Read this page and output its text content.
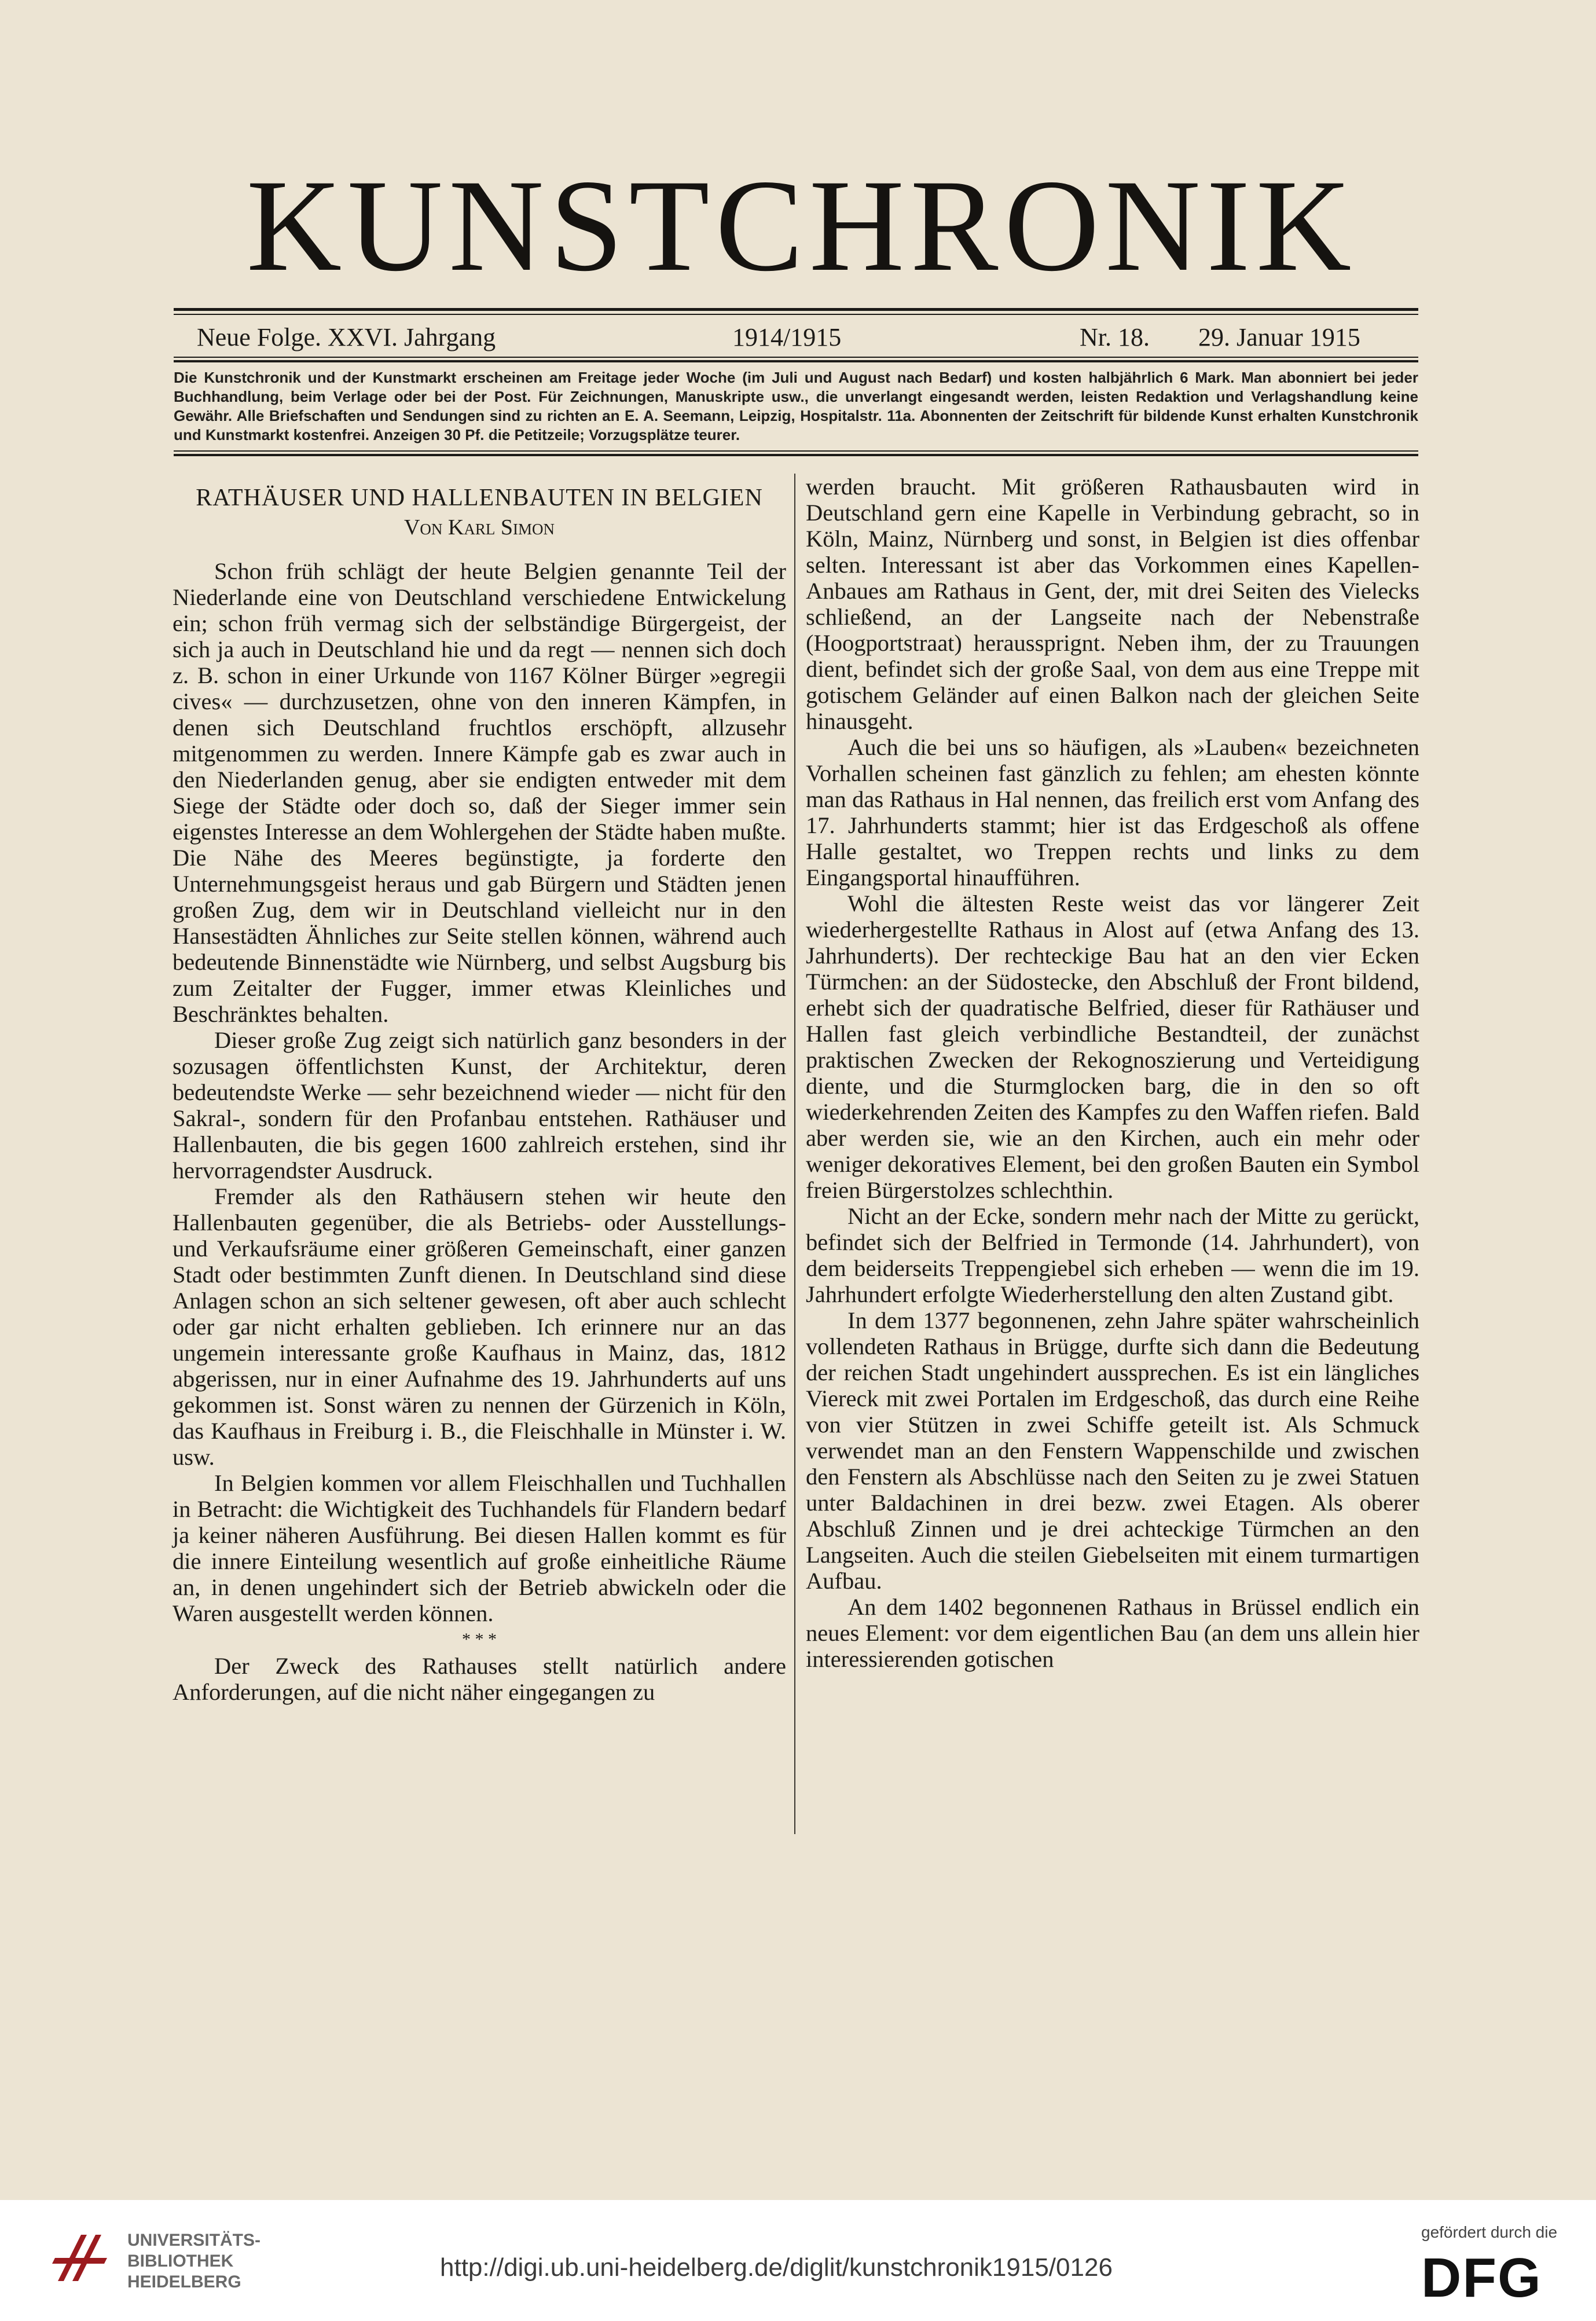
KUNSTCHRONIK
Neue Folge. XXVI. Jahrgang	1914/1915	Nr. 18. 29. Januar 1915
Die Kunstchronik und der Kunstmarkt erscheinen am Freitage jeder Woche (im Juli und August nach Bedarf) und kosten halbjährlich 6 Mark. Man abonniert bei jeder Buchhandlung, beim Verlage oder bei der Post. Für Zeichnungen, Manuskripte usw., die unverlangt eingesandt werden, leisten Redaktion und Verlagshandlung keine Gewähr. Alle Briefschaften und Sendungen sind zu richten an E. A. Seemann, Leipzig, Hospitalstr. 11a. Abonnenten der Zeitschrift für bildende Kunst erhalten Kunstchronik und Kunstmarkt kostenfrei. Anzeigen 30 Pf. die Petitzeile; Vorzugsplätze teurer.
RATHÄUSER UND HALLENBAUTEN IN BELGIEN
Von Karl Simon

Schon früh schlägt der heute Belgien genannte Teil der Niederlande eine von Deutschland verschiedene Entwickelung ein; schon früh vermag sich der selbständige Bürgergeist, der sich ja auch in Deutschland hie und da regt — nennen sich doch z. B. schon in einer Urkunde von 1167 Kölner Bürger »egregii cives« — durchzusetzen, ohne von den inneren Kämpfen, in denen sich Deutschland fruchtlos erschöpft, allzusehr mitgenommen zu werden. Innere Kämpfe gab es zwar auch in den Niederlanden genug, aber sie endigten entweder mit dem Siege der Städte oder doch so, daß der Sieger immer sein eigenstes Interesse an dem Wohlergehen der Städte haben mußte. Die Nähe des Meeres begünstigte, ja forderte den Unternehmungsgeist heraus und gab Bürgern und Städten jenen großen Zug, dem wir in Deutschland vielleicht nur in den Hansestädten Ähnliches zur Seite stellen können, während auch bedeutende Binnenstädte wie Nürnberg, und selbst Augsburg bis zum Zeitalter der Fugger, immer etwas Kleinliches und Beschränktes behalten.

Dieser große Zug zeigt sich natürlich ganz besonders in der sozusagen öffentlichsten Kunst, der Architektur, deren bedeutendste Werke — sehr bezeichnend wieder — nicht für den Sakral-, sondern für den Profanbau entstehen. Rathäuser und Hallenbauten, die bis gegen 1600 zahlreich erstehen, sind ihr hervorragendster Ausdruck.

Fremder als den Rathäusern stehen wir heute den Hallenbauten gegenüber, die als Betriebs- oder Ausstellungs- und Verkaufsräume einer größeren Gemeinschaft, einer ganzen Stadt oder bestimmten Zunft dienen. In Deutschland sind diese Anlagen schon an sich seltener gewesen, oft aber auch schlecht oder gar nicht erhalten geblieben. Ich erinnere nur an das ungemein interessante große Kaufhaus in Mainz, das, 1812 abgerissen, nur in einer Aufnahme des 19. Jahrhunderts auf uns gekommen ist. Sonst wären zu nennen der Gürzenich in Köln, das Kaufhaus in Freiburg i. B., die Fleischhalle in Münster i. W. usw.

In Belgien kommen vor allem Fleischhallen und Tuchhallen in Betracht: die Wichtigkeit des Tuchhandels für Flandern bedarf ja keiner näheren Ausführung. Bei diesen Hallen kommt es für die innere Einteilung wesentlich auf große einheitliche Räume an, in denen ungehindert sich der Betrieb abwickeln oder die Waren ausgestellt werden können.

* * *

Der Zweck des Rathauses stellt natürlich andere Anforderungen, auf die nicht näher eingegangen zu

werden braucht. Mit größeren Rathausbauten wird in Deutschland gern eine Kapelle in Verbindung gebracht, so in Köln, Mainz, Nürnberg und sonst, in Belgien ist dies offenbar selten. Interessant ist aber das Vorkommen eines Kapellen-Anbaues am Rathaus in Gent, der, mit drei Seiten des Vielecks schließend, an der Langseite nach der Nebenstraße (Hoogportstraat) heraussprignt. Neben ihm, der zu Trauungen dient, befindet sich der große Saal, von dem aus eine Treppe mit gotischem Geländer auf einen Balkon nach der gleichen Seite hinausgeht.

Auch die bei uns so häufigen, als »Lauben« bezeichneten Vorhallen scheinen fast gänzlich zu fehlen; am ehesten könnte man das Rathaus in Hal nennen, das freilich erst vom Anfang des 17. Jahrhunderts stammt; hier ist das Erdgeschoß als offene Halle gestaltet, wo Treppen rechts und links zu dem Eingangsportal hinaufführen.

Wohl die ältesten Reste weist das vor längerer Zeit wiederhergestellte Rathaus in Alost auf (etwa Anfang des 13. Jahrhunderts). Der rechteckige Bau hat an den vier Ecken Türmchen: an der Südostecke, den Abschluß der Front bildend, erhebt sich der quadratische Belfried, dieser für Rathäuser und Hallen fast gleich verbindliche Bestandteil, der zunächst praktischen Zwecken der Rekognoszierung und Verteidigung diente, und die Sturmglocken barg, die in den so oft wiederkehrenden Zeiten des Kampfes zu den Waffen riefen. Bald aber werden sie, wie an den Kirchen, auch ein mehr oder weniger dekoratives Element, bei den großen Bauten ein Symbol freien Bürgerstolzes schlechthin.

Nicht an der Ecke, sondern mehr nach der Mitte zu gerückt, befindet sich der Belfried in Termonde (14. Jahrhundert), von dem beiderseits Treppengiebel sich erheben — wenn die im 19. Jahrhundert erfolgte Wiederherstellung den alten Zustand gibt.

In dem 1377 begonnenen, zehn Jahre später wahrscheinlich vollendeten Rathaus in Brügge, durfte sich dann die Bedeutung der reichen Stadt ungehindert aussprechen. Es ist ein längliches Viereck mit zwei Portalen im Erdgeschoß, das durch eine Reihe von vier Stützen in zwei Schiffe geteilt ist. Als Schmuck verwendet man an den Fenstern Wappenschilde und zwischen den Fenstern als Abschlüsse nach den Seiten zu je zwei Statuen unter Baldachinen in drei bezw. zwei Etagen. Als oberer Abschluß Zinnen und je drei achteckige Türmchen an den Langseiten. Auch die steilen Giebelseiten mit einem turmartigen Aufbau.

An dem 1402 begonnenen Rathaus in Brüssel endlich ein neues Element: vor dem eigentlichen Bau (an dem uns allein hier interessierenden gotischen

UNIVERSITÄTS-
BIBLIOTHEK
HEIDELBERG
http://digi.ub.uni-heidelberg.de/diglit/kunstchronik1915/0126
gefördert durch die
DFG
